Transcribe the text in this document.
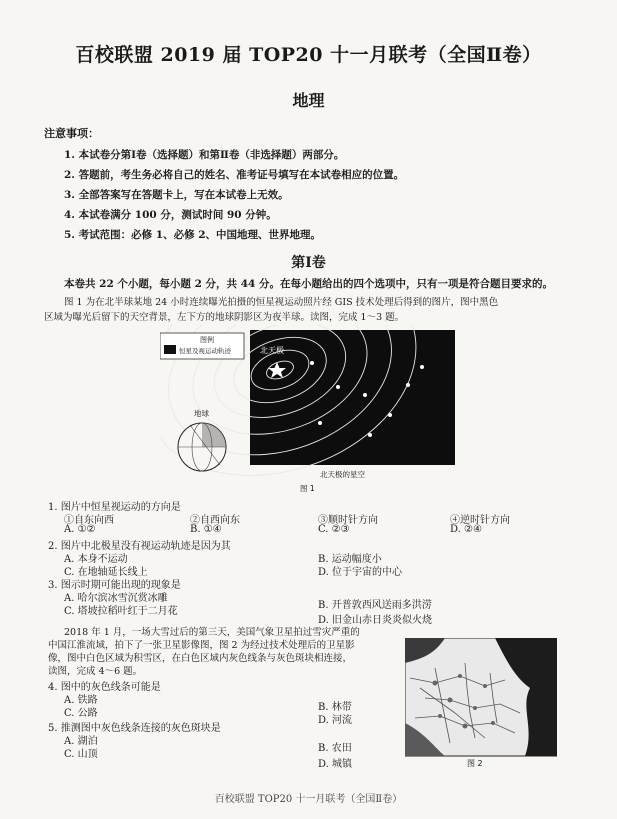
百校联盟 2019 届 TOP20 十一月联考（全国Ⅱ卷）
地理
注意事项：
1. 本试卷分第Ⅰ卷（选择题）和第Ⅱ卷（非选择题）两部分。
2. 答题前，考生务必将自己的姓名、准考证号填写在本试卷相应的位置。
3. 全部答案写在答题卡上，写在本试卷上无效。
4. 本试卷满分 100 分，测试时间 90 分钟。
5. 考试范围：必修 1、必修 2、中国地理、世界地理。
第Ⅰ卷
本卷共 22 个小题，每小题 2 分，共 44 分。在每小题给出的四个选项中，只有一项是符合题目要求的。
图 1 为在北半球某地 24 小时连续曝光拍摄的恒星视运动照片经 GIS 技术处理后得到的图片，图中黑色
区域为曝光后留下的天空背景，左下方的地球阴影区为夜半球。读图，完成 1～3 题。
北天极
图例
恒星及视运动轨迹
地球
北天极的星空
图 1
1. 图片中恒星视运动的方向是
①自东向西	②自西向东	③顺时针方向	④逆时针方向
A. ①②	B. ①④	C. ②③	D. ②④
2. 图片中北极星没有视运动轨迹是因为其
A. 本身不运动	B. 运动幅度小
C. 在地轴延长线上	D. 位于宇宙的中心
3. 图示时期可能出现的现象是
A. 哈尔滨冰雪沉赏冰雕
B. 开普敦西风送雨多洪涝
C. 塔坡拉稻叶红于二月花
D. 旧金山赤日炎炎似火烧
2018 年 1 月，一场大雪过后的第三天，美国气象卫星拍过雪灾严重的
中国江淮流域，拍下了一张卫星影像图，图 2 为经过技术处理后的卫星影
像，图中白色区域为积雪区，在白色区域内灰色线条与灰色斑块相连接，
读图，完成 4～6 题。
4. 图中的灰色线条可能是
A. 铁路
B. 林带
C. 公路
D. 河流
5. 推测图中灰色线条连接的灰色斑块是
A. 湖泊
B. 农田
C. 山顶
D. 城镇	图 2
百校联盟 TOP20 十一月联考（全国Ⅱ卷）
